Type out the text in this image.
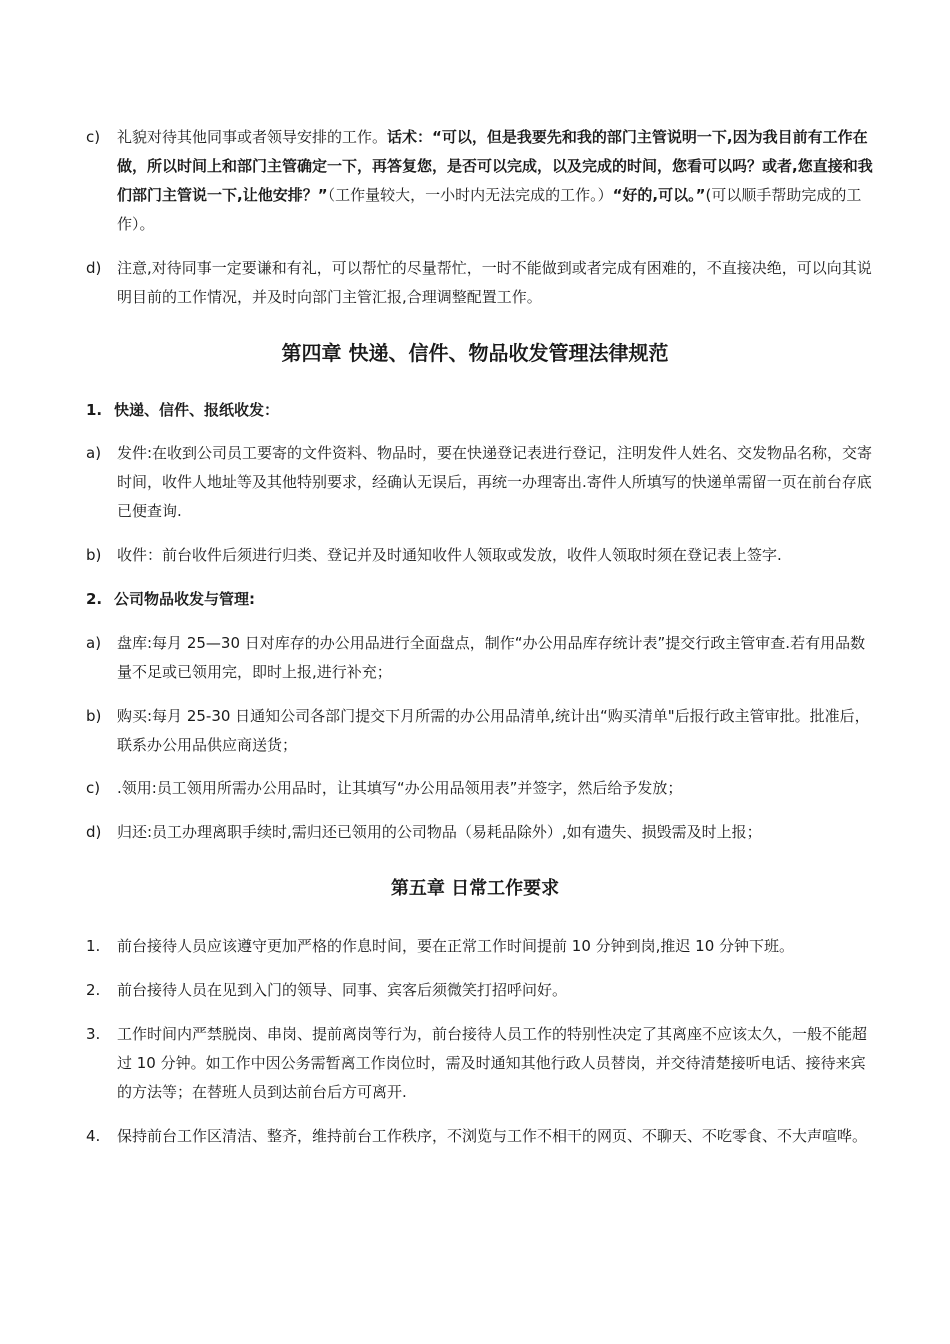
c)	礼貌对待其他同事或者领导安排的工作。话术：“可以，但是我要先和我的部门主管说明一下,因为我目前有工作在做，所以时间上和部门主管确定一下，再答复您，是否可以完成，以及完成的时间，您看可以吗？或者,您直接和我们部门主管说一下,让他安排？”（工作量较大，一小时内无法完成的工作。）“好的,可以。”(可以顺手帮助完成的工作）。
d)	注意,对待同事一定要谦和有礼，可以帮忙的尽量帮忙，一时不能做到或者完成有困难的，不直接决绝，可以向其说明目前的工作情况，并及时向部门主管汇报,合理调整配置工作。
第四章 快递、信件、物品收发管理法律规范
1. 快递、信件、报纸收发：
a)	发件:在收到公司员工要寄的文件资料、物品时，要在快递登记表进行登记，注明发件人姓名、交发物品名称，交寄时间，收件人地址等及其他特别要求，经确认无误后，再统一办理寄出.寄件人所填写的快递单需留一页在前台存底已便查询.
b)	收件：前台收件后须进行归类、登记并及时通知收件人领取或发放，收件人领取时须在登记表上签字.
2. 公司物品收发与管理:
a)	盘库:每月 25—30 日对库存的办公用品进行全面盘点，制作“办公用品库存统计表”提交行政主管审查.若有用品数量不足或已领用完，即时上报,进行补充；
b)	购买:每月 25-30 日通知公司各部门提交下月所需的办公用品清单,统计出“购买清单"后报行政主管审批。批准后，联系办公用品供应商送货；
c)	.领用:员工领用所需办公用品时，让其填写“办公用品领用表”并签字，然后给予发放；
d)	归还:员工办理离职手续时,需归还已领用的公司物品（易耗品除外）,如有遗失、损毁需及时上报；
第五章 日常工作要求
1.	前台接待人员应该遵守更加严格的作息时间，要在正常工作时间提前 10 分钟到岗,推迟 10 分钟下班。
2.	前台接待人员在见到入门的领导、同事、宾客后须微笑打招呼问好。
3.	工作时间内严禁脱岗、串岗、提前离岗等行为，前台接待人员工作的特别性决定了其离座不应该太久，一般不能超过 10 分钟。如工作中因公务需暂离工作岗位时，需及时通知其他行政人员替岗，并交待清楚接听电话、接待来宾的方法等；在替班人员到达前台后方可离开.
4.	保持前台工作区清洁、整齐，维持前台工作秩序，不浏览与工作不相干的网页、不聊天、不吃零食、不大声喧哗。
